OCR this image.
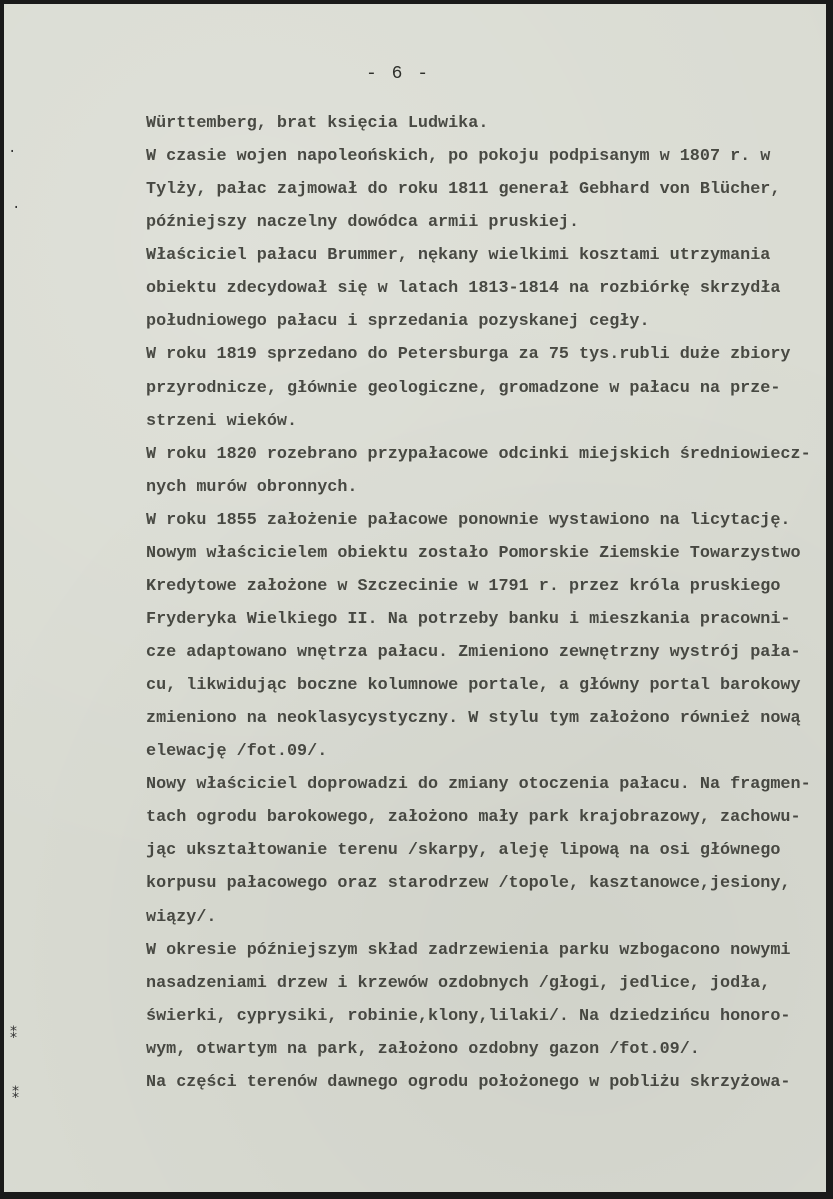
- 6 -
Württemberg, brat księcia Ludwika.
W czasie wojen napoleońskich, po pokoju podpisanym w 1807 r. w
Tylży, pałac zajmował do roku 1811 generał Gebhard von Blücher,
późniejszy naczelny dowódca armii pruskiej.
Właściciel pałacu Brummer, nękany wielkimi kosztami utrzymania
obiektu zdecydował się w latach 1813-1814 na rozbiórkę skrzydła
południowego pałacu i sprzedania pozyskanej cegły.
W roku 1819 sprzedano do Petersburga za 75 tys.rubli duże zbiory
przyrodnicze, głównie geologiczne, gromadzone w pałacu na prze-
strzeni wieków.
W roku 1820 rozebrano przypałacowe odcinki miejskich średniowiecz-
nych murów obronnych.
W roku 1855 założenie pałacowe ponownie wystawiono na licytację.
Nowym właścicielem obiektu zostało Pomorskie Ziemskie Towarzystwo
Kredytowe założone w Szczecinie w 1791 r. przez króla pruskiego
Fryderyka Wielkiego II. Na potrzeby banku i mieszkania pracowni-
cze adaptowano wnętrza pałacu. Zmieniono zewnętrzny wystrój pała-
cu, likwidując boczne kolumnowe portale, a główny portal barokowy
zmieniono na neoklasycystyczny. W stylu tym założono również nową
elewację /fot.09/.
Nowy właściciel doprowadzi do zmiany otoczenia pałacu. Na fragmen-
tach ogrodu barokowego, założono mały park krajobrazowy, zachowu-
jąc ukształtowanie terenu /skarpy, aleję lipową na osi głównego
korpusu pałacowego oraz starodrzew /topole, kasztanowce,jesiony,
wiązy/.
W okresie późniejszym skład zadrzewienia parku wzbogacono nowymi
nasadzeniami drzew i krzewów ozdobnych /głogi, jedlice, jodła,
świerki, cyprysiki, robinie,klony,lilaki/. Na dziedzińcu honoro-
wym, otwartym na park, założono ozdobny gazon /fot.09/.
Na części terenów dawnego ogrodu położonego w pobliżu skrzyżowa-
·
·
⁑
⁑
